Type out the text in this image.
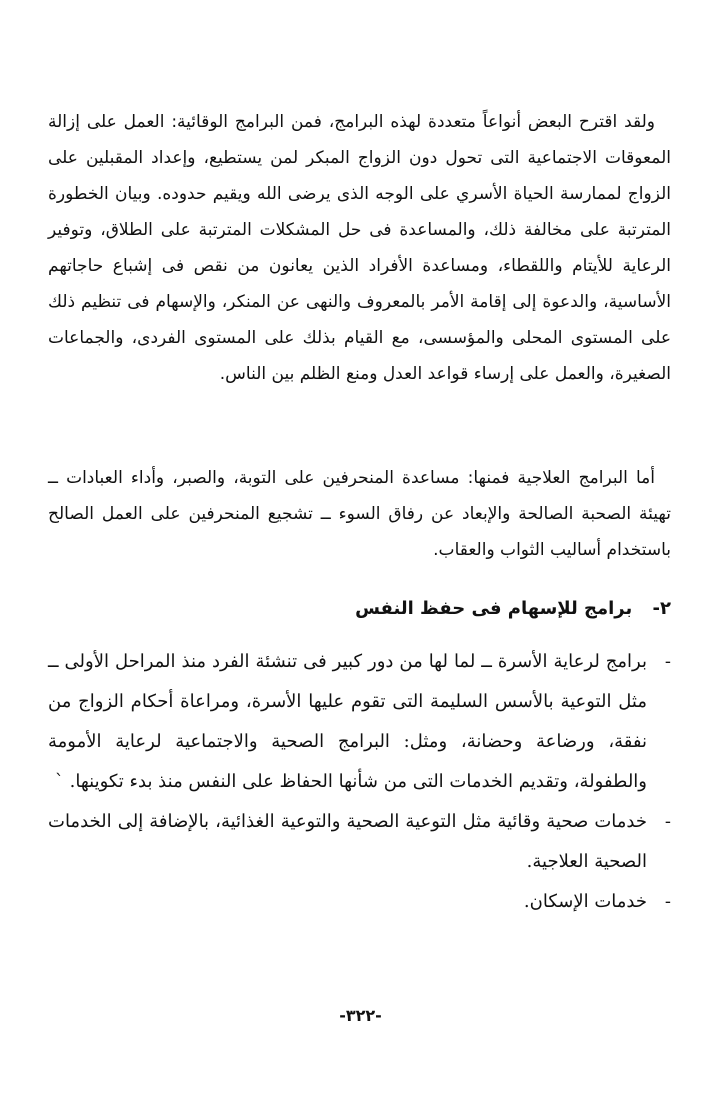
ولقد اقترح البعض أنواعاً متعددة لهذه البرامج، فمن البرامج الوقائية: العمل على إزالة المعوقات الاجتماعية التى تحول دون الزواج المبكر لمن يستطيع، وإعداد المقبلين على الزواج لممارسة الحياة الأسري على الوجه الذى يرضى الله ويقيم حدوده. وبيان الخطورة المترتبة على مخالفة ذلك، والمساعدة فى حل المشكلات المترتبة على الطلاق، وتوفير الرعاية للأيتام واللقطاء، ومساعدة الأفراد الذين يعانون من نقص فى إشباع حاجاتهم الأساسية، والدعوة إلى إقامة الأمر بالمعروف والنهى عن المنكر، والإسهام فى تنظيم ذلك على المستوى المحلى والمؤسسى، مع القيام بذلك على المستوى الفردى، والجماعات الصغيرة، والعمل على إرساء قواعد العدل ومنع الظلم بين الناس.

أما البرامج العلاجية فمنها: مساعدة المنحرفين على التوبة، والصبر، وأداء العبادات ــ تهيئة الصحبة الصالحة والإبعاد عن رفاق السوء ــ تشجيع المنحرفين على العمل الصالح باستخدام أساليب الثواب والعقاب.

٢- برامج للإسهام فى حفظ النفس
-
برامج لرعاية الأسرة ــ لما لها من دور كبير فى تنشئة الفرد منذ المراحل الأولى ــ مثل التوعية بالأسس السليمة التى تقوم عليها الأسرة، ومراعاة أحكام الزواج من نفقة، ورضاعة وحضانة، ومثل: البرامج الصحية والاجتماعية لرعاية الأمومة والطفولة، وتقديم الخدمات التى من شأنها الحفاظ على النفس منذ بدء تكوينها. `
-
خدمات صحية وقائية مثل التوعية الصحية والتوعية الغذائية، بالإضافة إلى الخدمات الصحية العلاجية.
-
خدمات الإسكان.
-٣٢٢-
